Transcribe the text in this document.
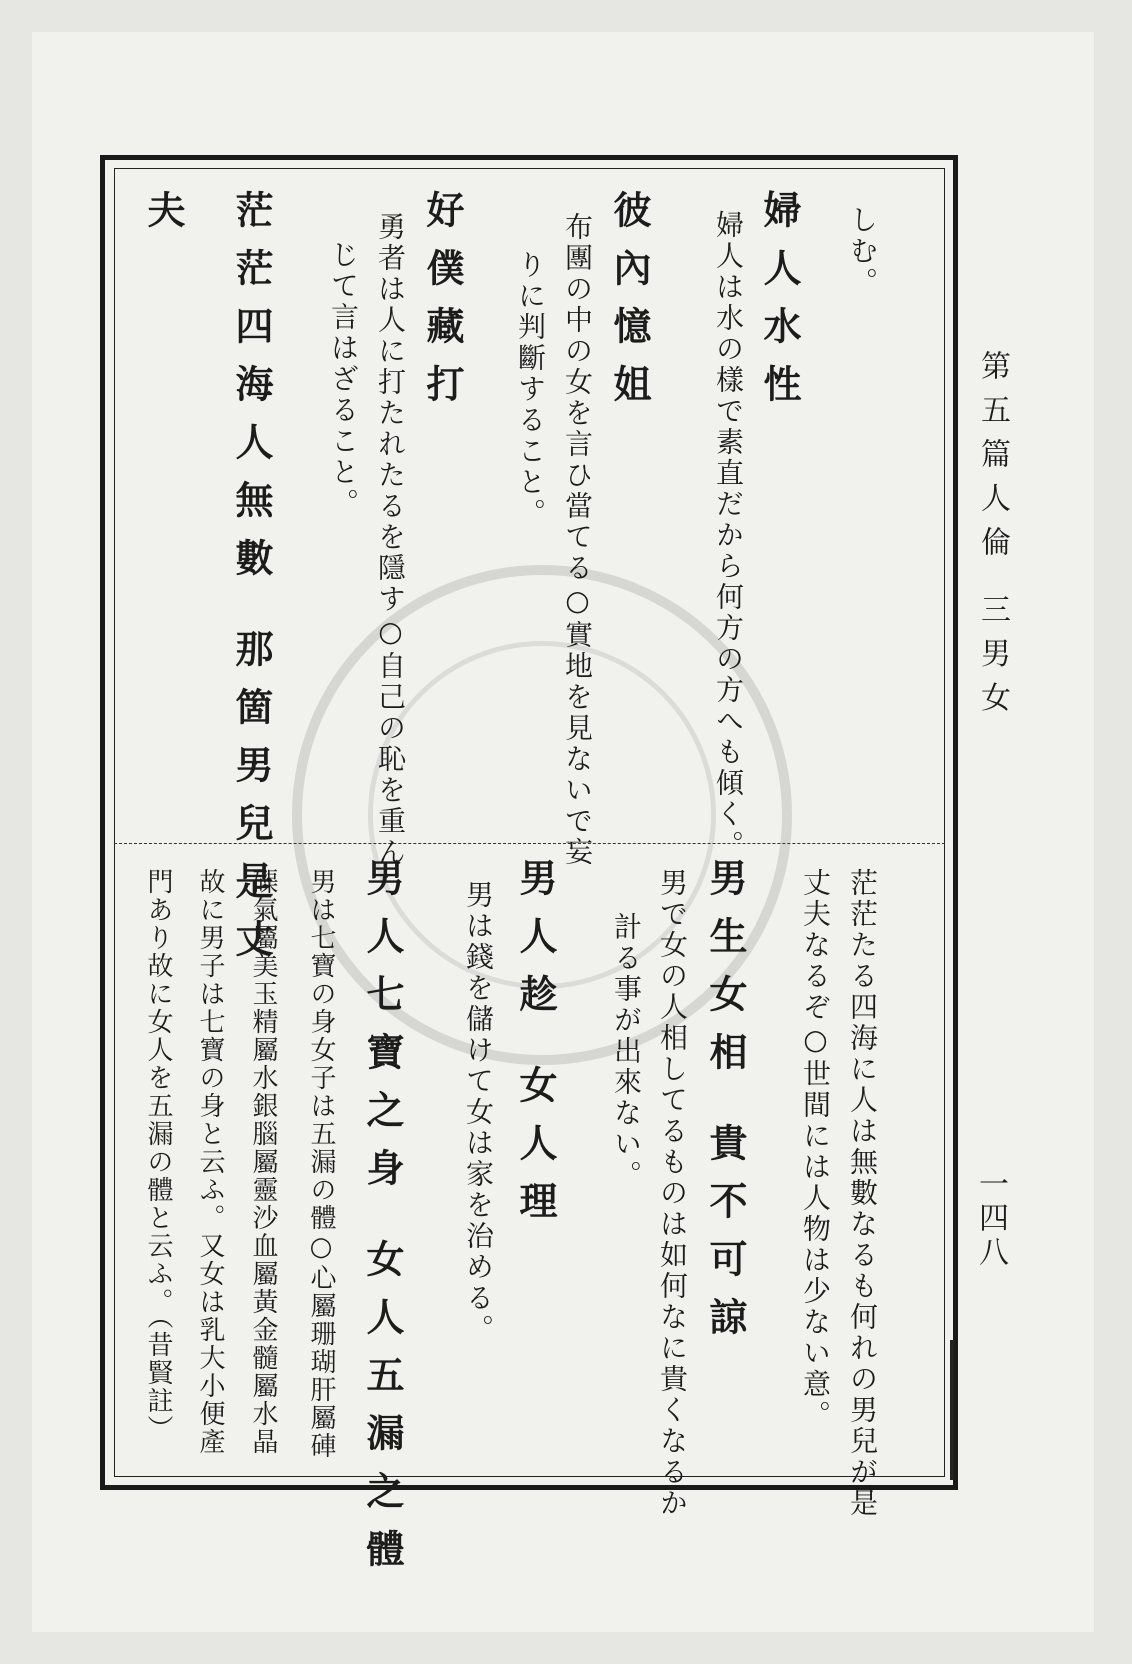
第五篇人倫 三男女
一四八
しむ。
婦人水性
婦人は水の樣で素直だから何方の方へも傾く。
彼內憶姐
布團の中の女を言ひ當てる○實地を見ないで妄
りに判斷すること。
好僕藏打
勇者は人に打たれたるを隱す○自己の恥を重ん
じて言はざること。
茫茫四海人無數 那箇男兒是丈
夫
茫茫たる四海に人は無數なるも何れの男兒が是
丈夫なるぞ○世間には人物は少ない意。
男生女相 貴不可諒
男で女の人相してるものは如何なに貴くなるか
計る事が出來ない。
男人趁 女人理
男は錢を儲けて女は家を治める。
男人七寶之身 女人五漏之體
男は七寶の身女子は五漏の體○心屬珊瑚肝屬硨
磲氣屬美玉精屬水銀腦屬靈沙血屬黃金髓屬水晶
故に男子は七寶の身と云ふ。又女は乳大小便產
門あり故に女人を五漏の體と云ふ。（昔賢註）
